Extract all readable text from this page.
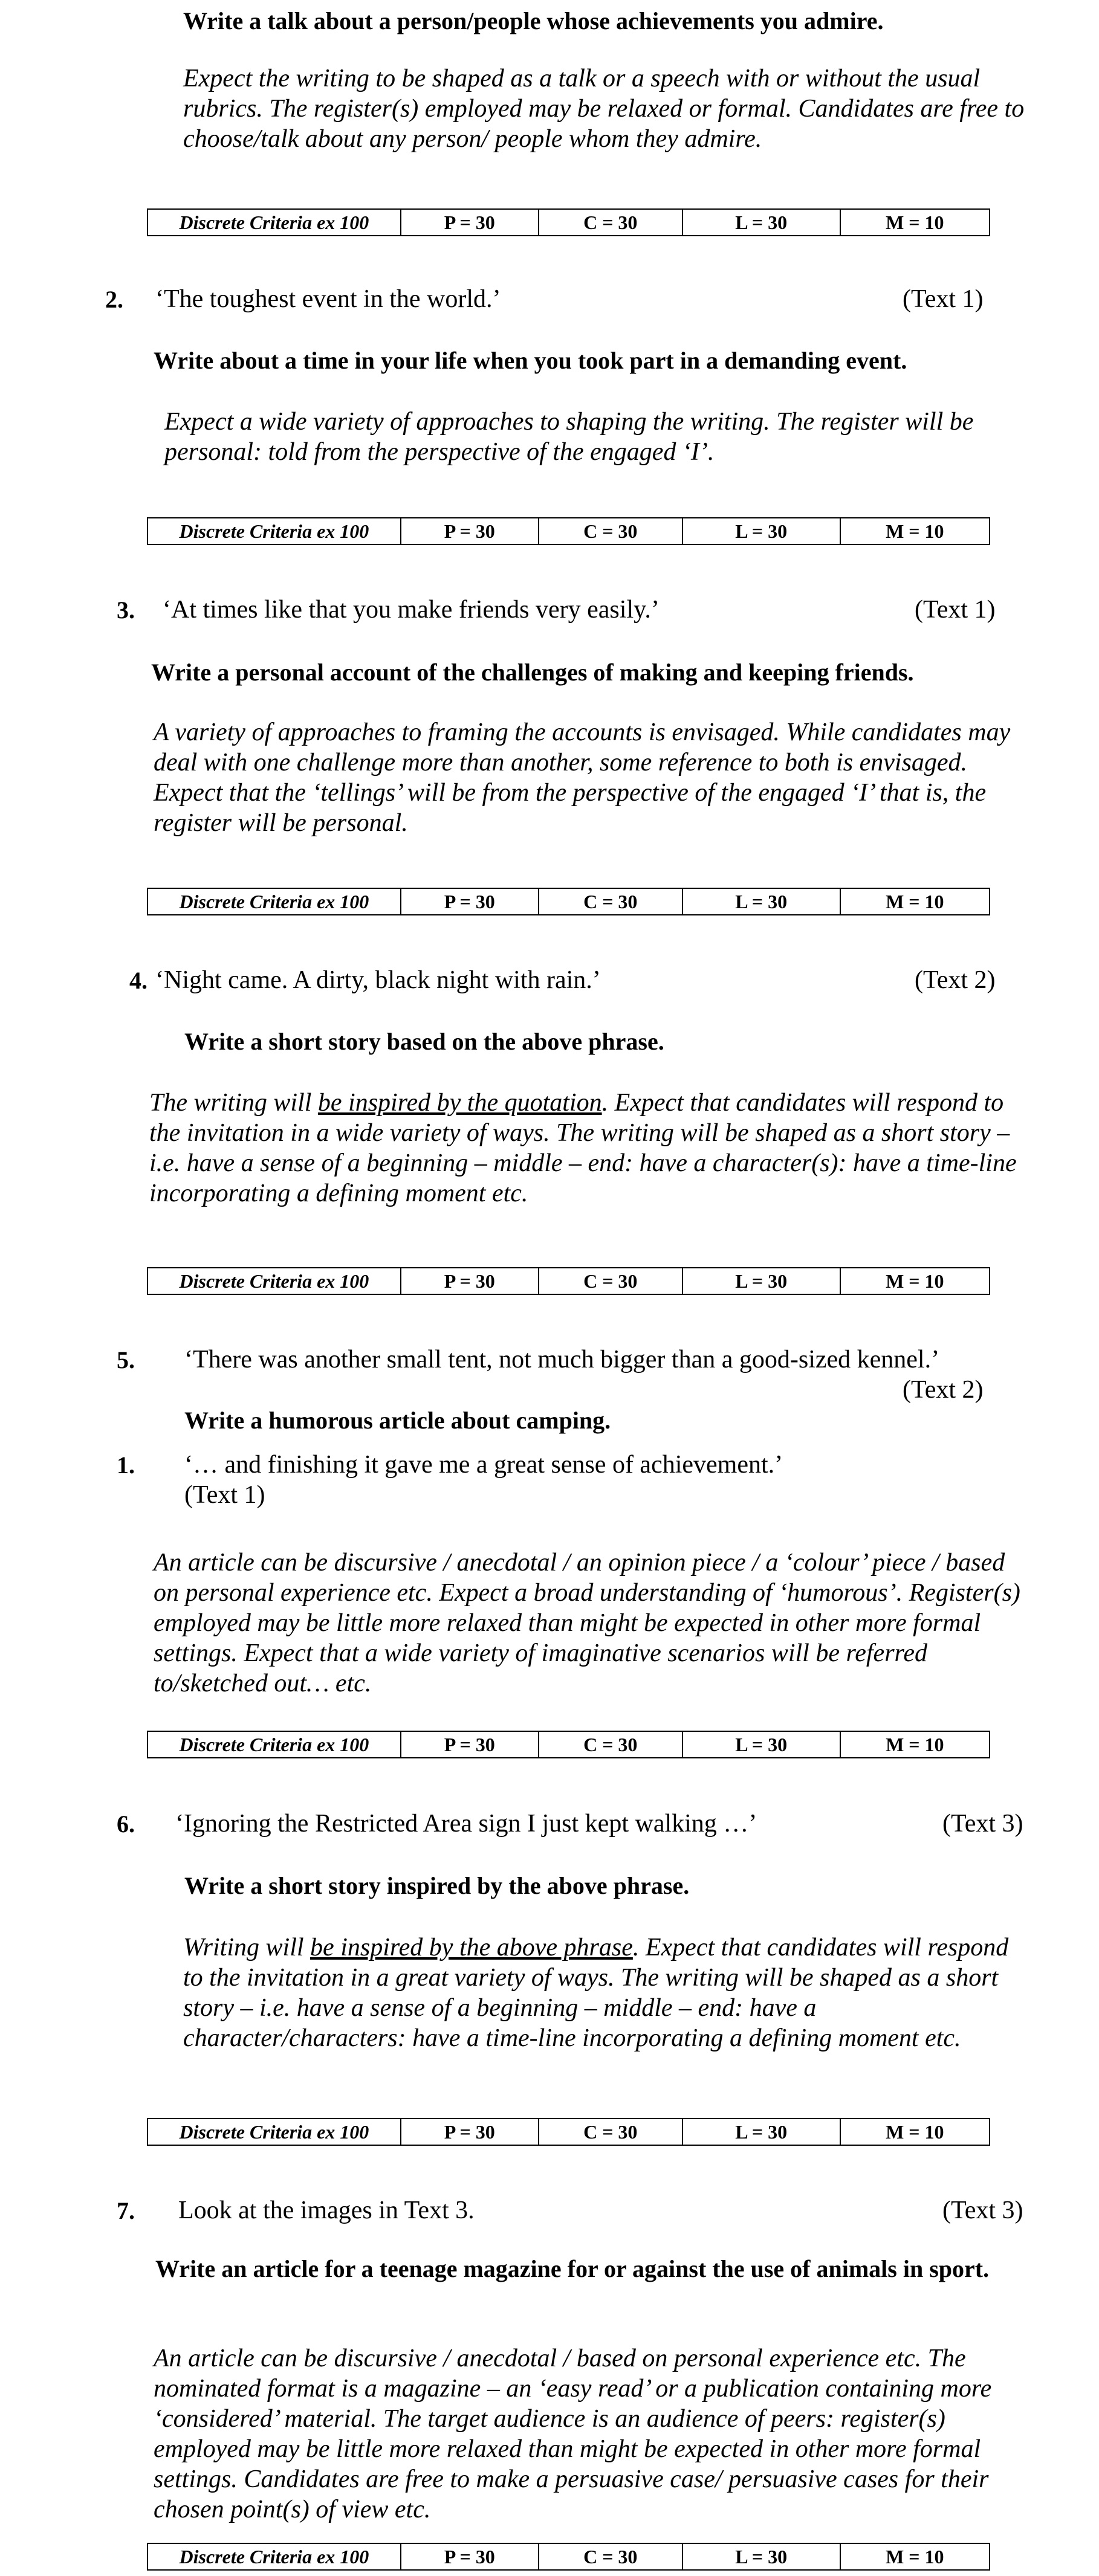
Write a talk about a person/people whose achievements you admire.
Expect the writing to be shaped as a talk or a speech with or without the usual rubrics. The register(s) employed may be relaxed or formal. Candidates are free to choose/talk about any person/ people whom they admire.
Discrete Criteria ex 100	P = 30	C = 30	L = 30	M = 10
2. ‘The toughest event in the world.’	(Text 1)
Write about a time in your life when you took part in a demanding event.
Expect a wide variety of approaches to shaping the writing. The register will be personal: told from the perspective of the engaged ‘I’.
Discrete Criteria ex 100	P = 30	C = 30	L = 30	M = 10
3. ‘At times like that you make friends very easily.’	(Text 1)
Write a personal account of the challenges of making and keeping friends.
A variety of approaches to framing the accounts is envisaged. While candidates may deal with one challenge more than another, some reference to both is envisaged. Expect that the ‘tellings’ will be from the perspective of the engaged ‘I’ that is, the register will be personal.
Discrete Criteria ex 100	P = 30	C = 30	L = 30	M = 10
4. ‘Night came. A dirty, black night with rain.’	(Text 2)
Write a short story based on the above phrase.
The writing will be inspired by the quotation. Expect that candidates will respond to the invitation in a wide variety of ways. The writing will be shaped as a short story – i.e. have a sense of a beginning – middle – end: have a character(s): have a time-line incorporating a defining moment etc.
Discrete Criteria ex 100	P = 30	C = 30	L = 30	M = 10
5. ‘There was another small tent, not much bigger than a good-sized kennel.’
(Text 2)
Write a humorous article about camping.
1. ‘… and finishing it gave me a great sense of achievement.’
(Text 1)
An article can be discursive / anecdotal / an opinion piece / a ‘colour’ piece / based on personal experience etc. Expect a broad understanding of ‘humorous’. Register(s) employed may be little more relaxed than might be expected in other more formal settings. Expect that a wide variety of imaginative scenarios will be referred to/sketched out… etc.
Discrete Criteria ex 100	P = 30	C = 30	L = 30	M = 10
6. ‘Ignoring the Restricted Area sign I just kept walking …’	(Text 3)
Write a short story inspired by the above phrase.
Writing will be inspired by the above phrase. Expect that candidates will respond to the invitation in a great variety of ways. The writing will be shaped as a short story – i.e. have a sense of a beginning – middle – end: have a character/characters: have a time-line incorporating a defining moment etc.
Discrete Criteria ex 100	P = 30	C = 30	L = 30	M = 10
7. Look at the images in Text 3.	(Text 3)
Write an article for a teenage magazine for or against the use of animals in sport.
An article can be discursive / anecdotal / based on personal experience etc. The nominated format is a magazine – an ‘easy read’ or a publication containing more ‘considered’ material. The target audience is an audience of peers: register(s) employed may be little more relaxed than might be expected in other more formal settings. Candidates are free to make a persuasive case/ persuasive cases for their chosen point(s) of view etc.
Discrete Criteria ex 100	P = 30	C = 30	L = 30	M = 10
